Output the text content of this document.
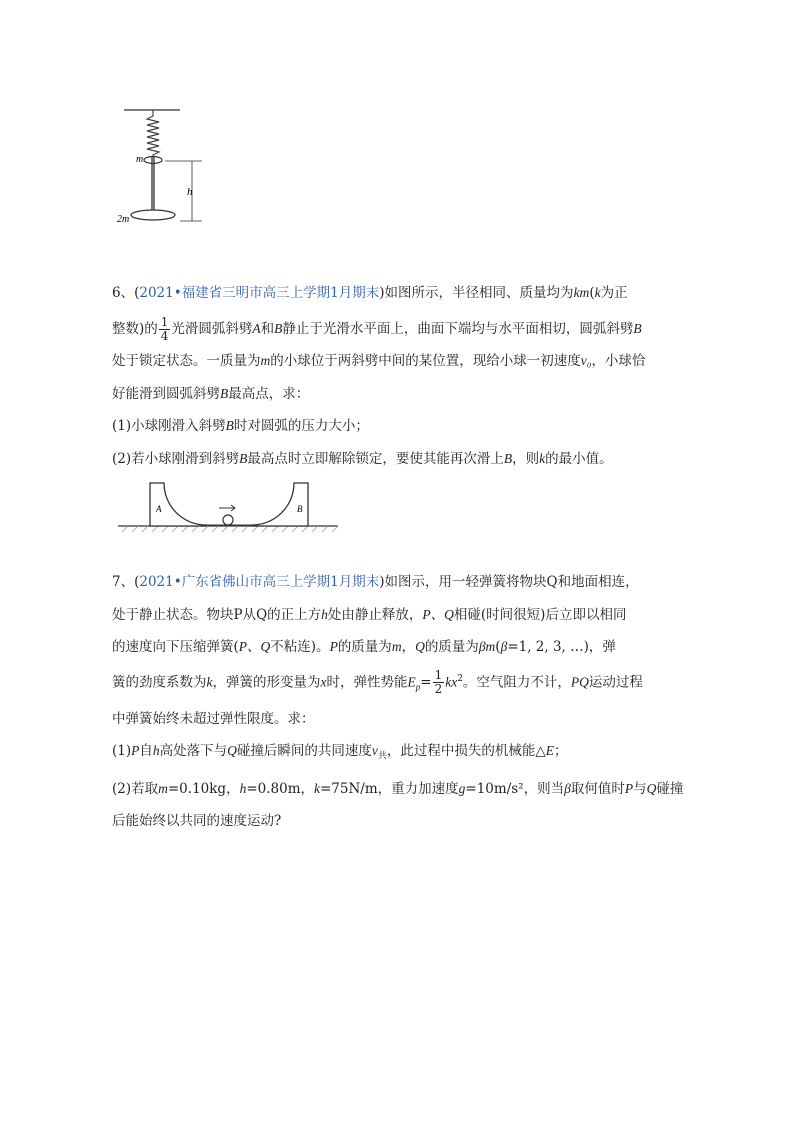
m
h
2m
6、(2021•福建省三明市高三上学期1月期末)如图所示，半径相同、质量均为km(k为正
整数)的 $\frac{1}{4}$ 光滑圆弧斜劈A和B静止于光滑水平面上，曲面下端均与水平面相切，圆弧斜劈B
处于锁定状态。一质量为m的小球位于两斜劈中间的某位置，现给小球一初速度v₀，小球恰
好能滑到圆弧斜劈B最高点，求：
(1)小球刚滑入斜劈B时对圆弧的压力大小；
(2)若小球刚滑到斜劈B最高点时立即解除锁定，要使其能再次滑上B，则k的最小值。
A	B
7、(2021•广东省佛山市高三上学期1月期末)如图示，用一轻弹簧将物块Q和地面相连，
处于静止状态。物块P从Q的正上方h处由静止释放，P、Q相碰(时间很短)后立即以相同
的速度向下压缩弹簧(P、Q不粘连)。P的质量为m，Q的质量为βm(β=1, 2, 3, …)，弹
簧的劲度系数为k，弹簧的形变量为x时，弹性势能$E_p= \frac{1}{2} kx^2$。空气阻力不计，PQ运动过程
中弹簧始终未超过弹性限度。求：
(1)P自h高处落下与Q碰撞后瞬间的共同速度$v_共$，此过程中损失的机械能△E；
(2)若取m=0.10kg，h=0.80m，k=75N/m，重力加速度g=10m/s²，则当β取何值时P与Q碰撞
后能始终以共同的速度运动?
